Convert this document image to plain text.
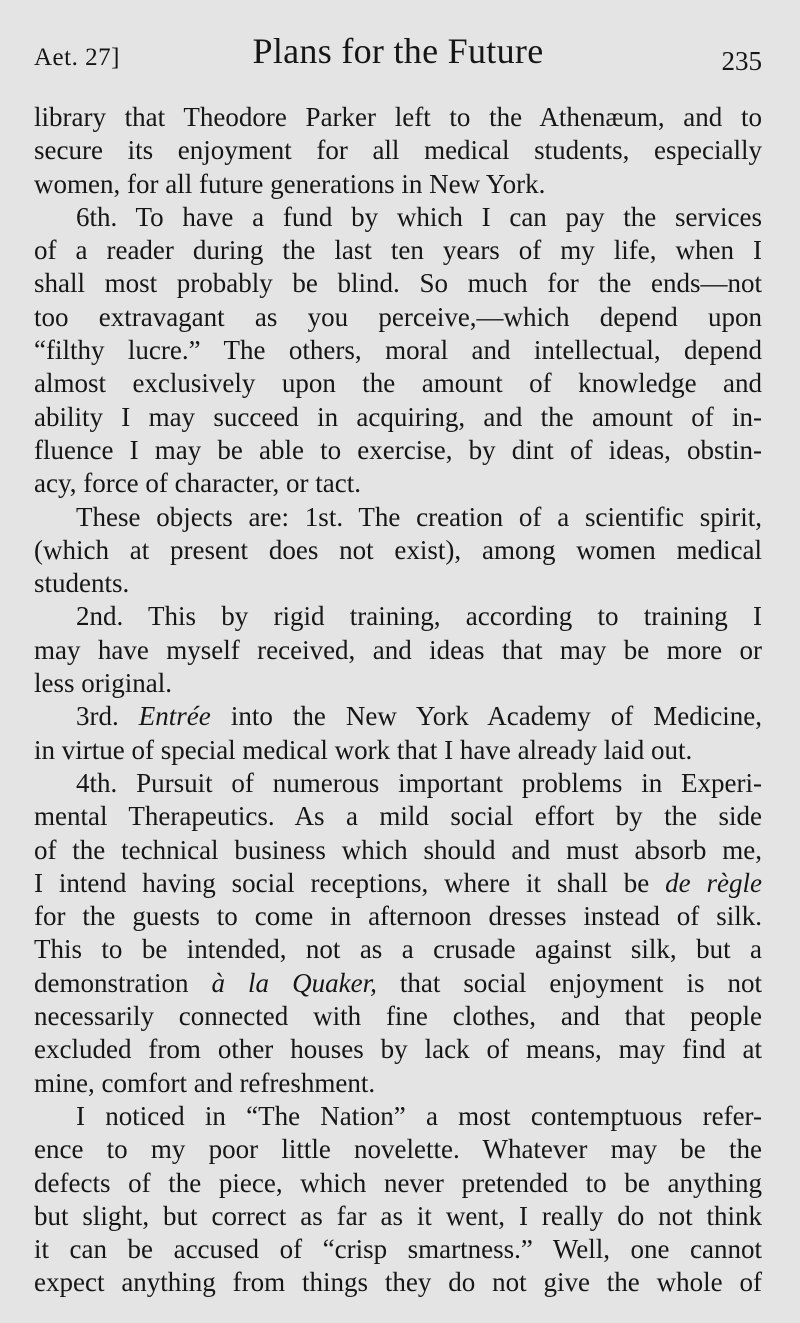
Aet. 27]	Plans for the Future	235
library that Theodore Parker left to the Athenæum, and to
secure its enjoyment for all medical students, especially
women, for all future generations in New York.
6th. To have a fund by which I can pay the services
of a reader during the last ten years of my life, when I
shall most probably be blind. So much for the ends—not
too extravagant as you perceive,—which depend upon
“filthy lucre.” The others, moral and intellectual, depend
almost exclusively upon the amount of knowledge and
ability I may succeed in acquiring, and the amount of in-
fluence I may be able to exercise, by dint of ideas, obstin-
acy, force of character, or tact.
These objects are: 1st. The creation of a scientific spirit,
(which at present does not exist), among women medical
students.
2nd. This by rigid training, according to training I
may have myself received, and ideas that may be more or
less original.
3rd. Entrée into the New York Academy of Medicine,
in virtue of special medical work that I have already laid out.
4th. Pursuit of numerous important problems in Experi-
mental Therapeutics. As a mild social effort by the side
of the technical business which should and must absorb me,
I intend having social receptions, where it shall be de règle
for the guests to come in afternoon dresses instead of silk.
This to be intended, not as a crusade against silk, but a
demonstration à la Quaker, that social enjoyment is not
necessarily connected with fine clothes, and that people
excluded from other houses by lack of means, may find at
mine, comfort and refreshment.
I noticed in “The Nation” a most contemptuous refer-
ence to my poor little novelette. Whatever may be the
defects of the piece, which never pretended to be anything
but slight, but correct as far as it went, I really do not think
it can be accused of “crisp smartness.” Well, one cannot
expect anything from things they do not give the whole of
